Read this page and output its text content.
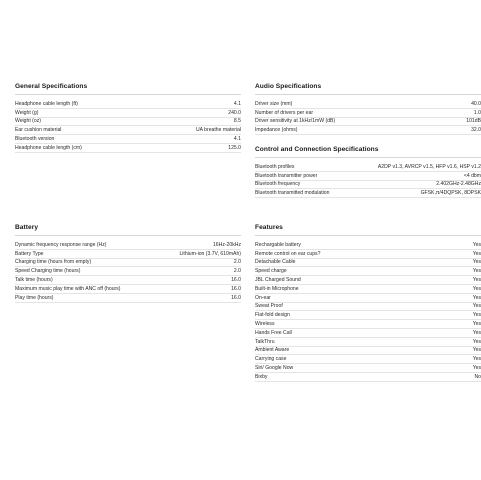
General Specifications
Headphone cable length (ft)	4.1
Weight (g)	240.0
Weight (oz)	8.5
Ear cushion material	UA breathe material
Bluetooth version	4.1
Headphone cable length (cm)	125.0
Audio Specifications
Driver size (mm)	40.0
Number of drivers per ear	1.0
Driver sensitivity at 1kHz/1mW (dB)	101dB
Impedance (ohms)	32.0
Control and Connection Specifications
Bluetooth profiles	A2DP v1.3, AVRCP v1.5, HFP v1.6, HSP v1.2
Bluetooth transmitter power	<4 dbm
Bluetooth frequency	2.402GHz-2.48GHz
Bluetooth transmitted modulation	GFSK,π/4DQPSK, 8DPSK
Battery
Dynamic frequency response range (Hz)	16Hz-20kHz
Battery Type	Lithium-ion (3.7V, 610mAh)
Charging time (hours from empty)	2.0
Speed Charging time (hours)	2.0
Talk time (hours)	16.0
Maximum music play time with ANC off (hours)	16.0
Play time (hours)	16.0
Features
Rechargable battery	Yes
Remote control on ear cups?	Yes
Detachable Cable	Yes
Speed charge	Yes
JBL Charged Sound	Yes
Built-in Microphone	Yes
On-ear	Yes
Sweat Proof	Yes
Flat-fold design	Yes
Wireless	Yes
Hands Free Call	Yes
TalkThru	Yes
Ambient Aware	Yes
Carrying case	Yes
Siri/ Google Now	Yes
Bixby	No
